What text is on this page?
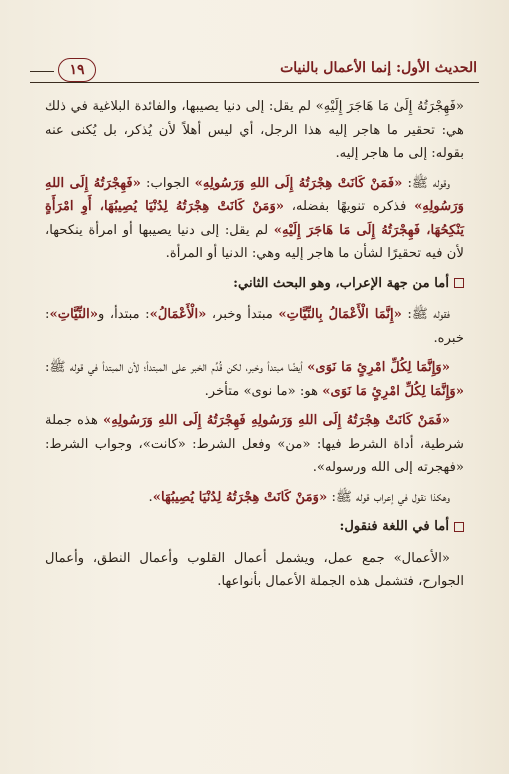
١٩	الحديث الأول: إنما الأعمال بالنيات

«فَهِجْرَتُهُ إِلَىٰ مَا هَاجَرَ إِلَيْهِ» لم يقل: إلى دنيا يصيبها، والفائدة البلاغية في ذلك هي: تحقير ما هاجر إليه هذا الرجل، أي ليس أهلاً لأن يُذكر، بل يُكنى عنه بقوله: إلى ما هاجر إليه.

وقوله ﷺ: «فَمَنْ كَانَتْ هِجْرَتُهُ إِلَى اللهِ وَرَسُولِهِ» الجواب: «فَهِجْرَتُهُ إِلَى اللهِ وَرَسُولِهِ» فذكره تنويهًا بفضله، «وَمَنْ كَانَتْ هِجْرَتُهُ لِدُنْيَا يُصِيبُهَا، أَوِ امْرَأَةٍ يَنْكِحُهَا، فَهِجْرَتُهُ إِلَى مَا هَاجَرَ إِلَيْهِ» لم يقل: إلى دنيا يصيبها أو امرأة ينكحها، لأن فيه تحقيرًا لشأن ما هاجر إليه وهي: الدنيا أو المرأة.

أما من جهة الإعراب، وهو البحث الثاني:

فقوله ﷺ: «إِنَّمَا الْأَعْمَالُ بِالنِّيَّاتِ» مبتدأ وخبر، «الْأَعْمَالُ»: مبتدأ، و«النِّيَّاتِ»: خبره.

«وَإِنَّمَا لِكُلِّ امْرِئٍ مَا نَوَى» أيضًا مبتدأ وخبر، لكن قُدِّم الخبر على المبتدأ؛ لأن المبتدأ في قوله ﷺ: «وَإِنَّمَا لِكُلِّ امْرِئٍ مَا نَوَى» هو: «ما نوى» متأخر.

«فَمَنْ كَانَتْ هِجْرَتُهُ إِلَى اللهِ وَرَسُولِهِ فَهِجْرَتُهُ إِلَى اللهِ وَرَسُولِهِ» هذه جملة شرطية، أداة الشرط فيها: «من» وفعل الشرط: «كانت»، وجواب الشرط: «فهجرته إلى الله ورسوله».

وهكذا نقول في إعراب قوله ﷺ: «وَمَنْ كَانَتْ هِجْرَتُهُ لِدُنْيَا يُصِيبُهَا».

أما في اللغة فنقول:

«الأعمال» جمع عمل، ويشمل أعمال القلوب وأعمال النطق، وأعمال الجوارح، فتشمل هذه الجملة الأعمال بأنواعها.
